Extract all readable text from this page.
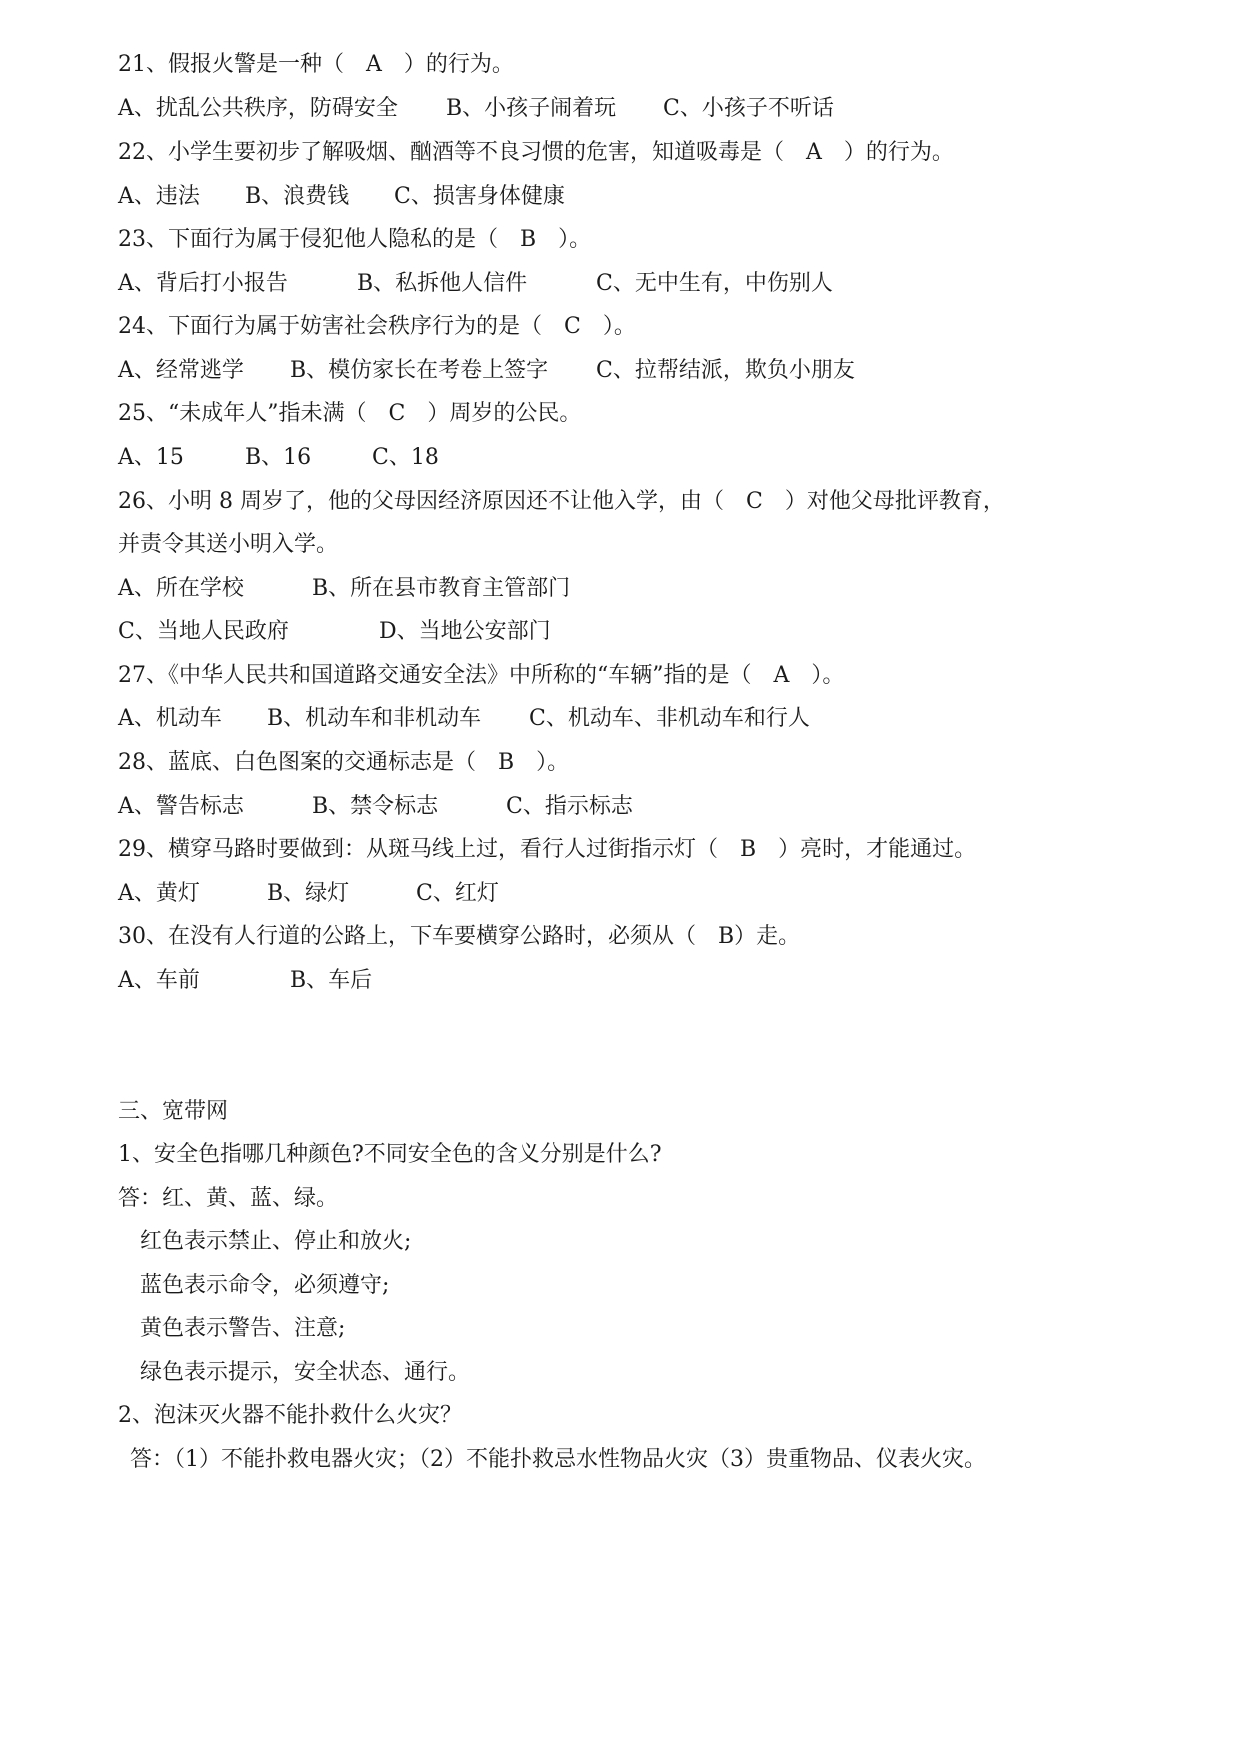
21、假报火警是一种（　A　）的行为。
A、扰乱公共秩序，防碍安全 B、小孩子闹着玩 C、小孩子不听话
22、小学生要初步了解吸烟、酗酒等不良习惯的危害，知道吸毒是（　A　）的行为。
A、违法 B、浪费钱 C、损害身体健康
23、下面行为属于侵犯他人隐私的是（　B　）。
A、背后打小报告	B、私拆他人信件	C、无中生有，中伤别人
24、下面行为属于妨害社会秩序行为的是（　C　）。
A、经常逃学 B、模仿家长在考卷上签字 C、拉帮结派，欺负小朋友
25、“未成年人”指未满（　C　）周岁的公民。
A、15	B、16	C、18
26、小明 8 周岁了，他的父母因经济原因还不让他入学，由（　C　）对他父母批评教育，
并责令其送小明入学。
A、所在学校	B、所在县市教育主管部门
C、当地人民政府	D、当地公安部门
27、《中华人民共和国道路交通安全法》中所称的“车辆”指的是（　A　）。
A、机动车 B、机动车和非机动车 C、机动车、非机动车和行人
28、蓝底、白色图案的交通标志是（　B　）。
A、警告标志	B、禁令标志	C、指示标志
29、横穿马路时要做到：从斑马线上过，看行人过街指示灯（　B　）亮时，才能通过。
A、黄灯	B、绿灯	C、红灯
30、在没有人行道的公路上，下车要横穿公路时，必须从（　B）走。
A、车前	B、车后
三、宽带网
1、安全色指哪几种颜色?不同安全色的含义分别是什么?
答：红、黄、蓝、绿。
红色表示禁止、停止和放火;
蓝色表示命令，必须遵守;
黄色表示警告、注意;
绿色表示提示，安全状态、通行。
2、泡沫灭火器不能扑救什么火灾？
答：（1）不能扑救电器火灾；（2）不能扑救忌水性物品火灾（3）贵重物品、仪表火灾。
